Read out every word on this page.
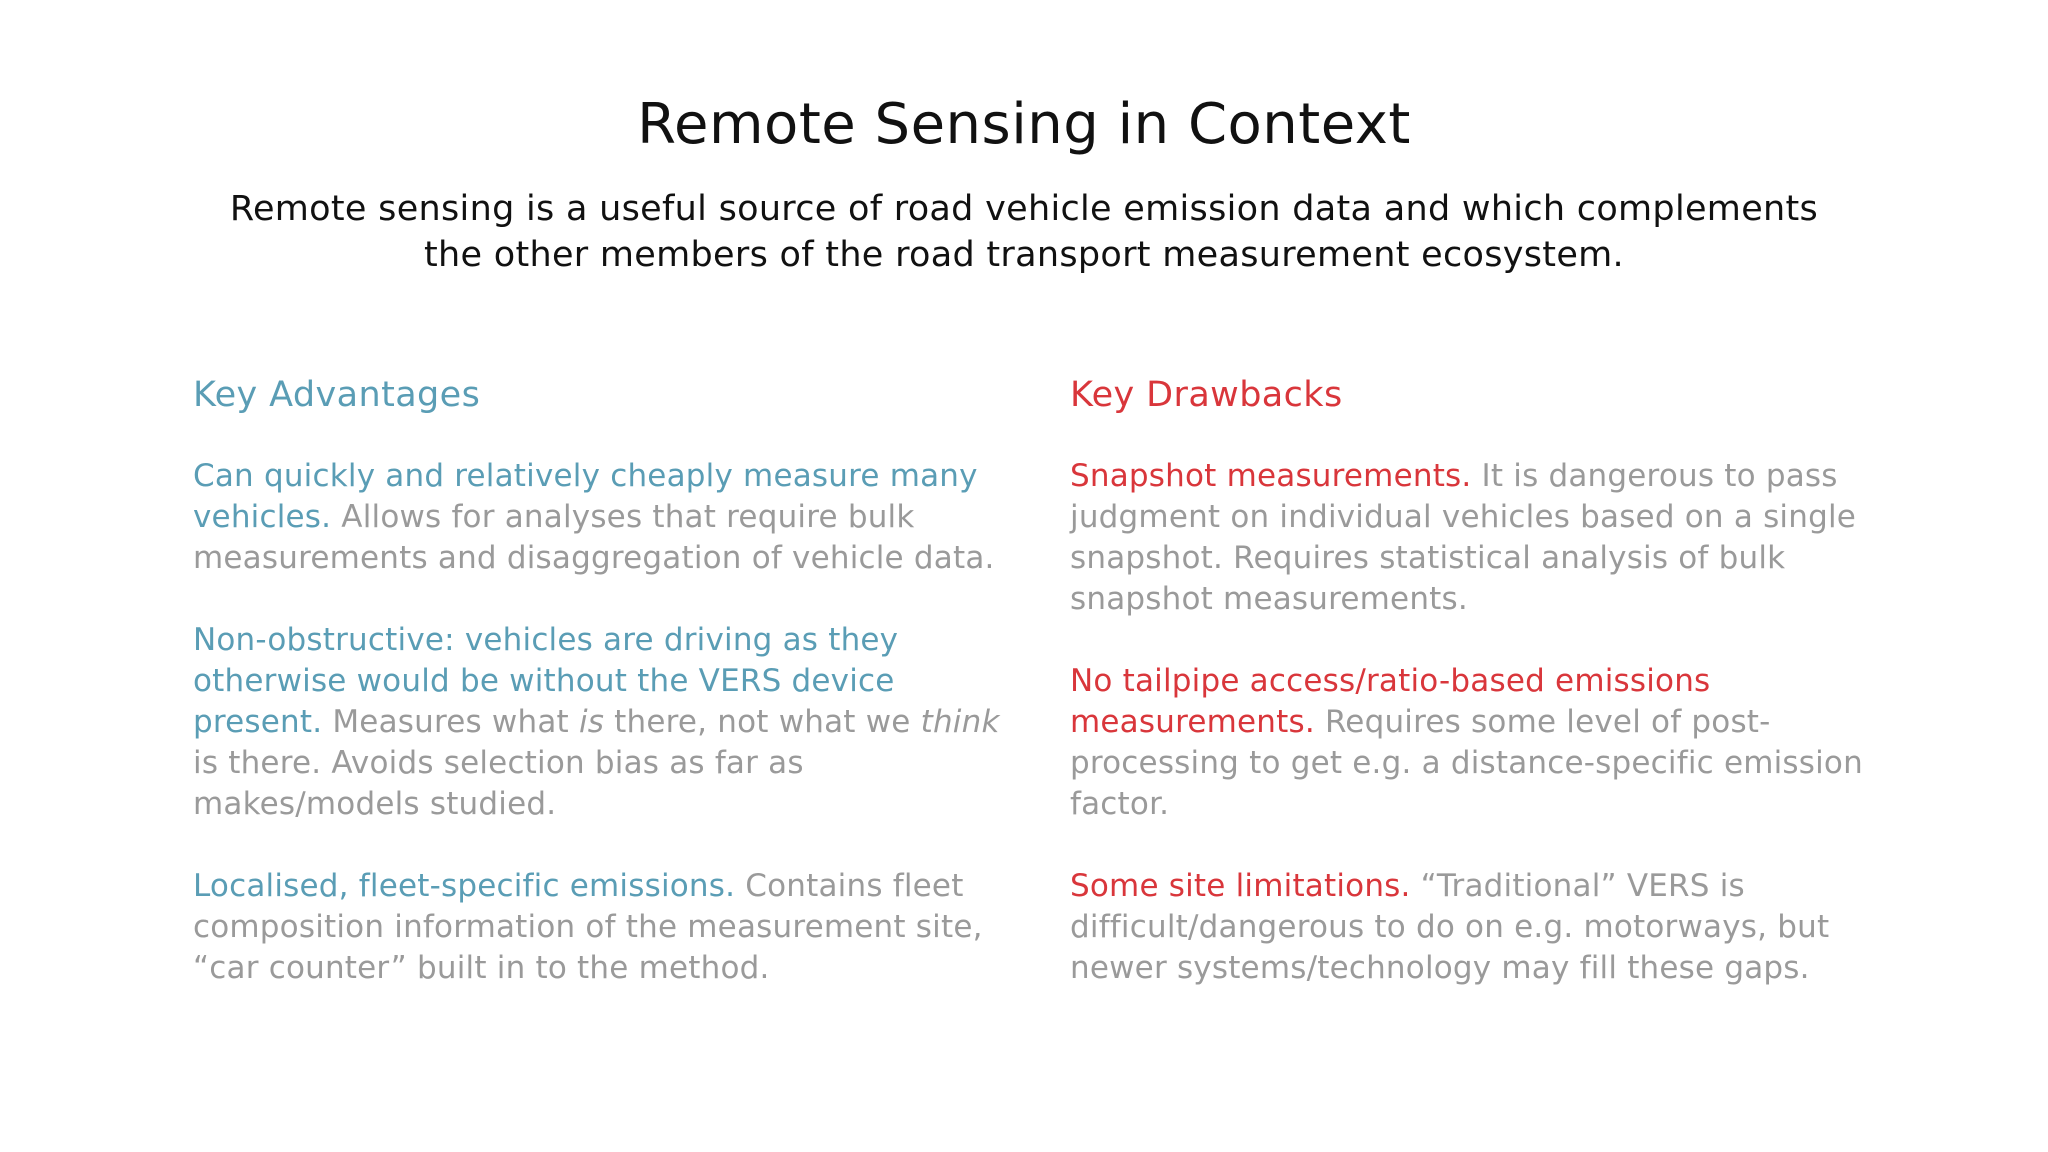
Remote Sensing in Context
Remote sensing is a useful source of road vehicle emission data and which complements the other members of the road transport measurement ecosystem.
Key Advantages
Can quickly and relatively cheaply measure many vehicles. Allows for analyses that require bulk measurements and disaggregation of vehicle data.
Non-obstructive: vehicles are driving as they otherwise would be without the VERS device present. Measures what is there, not what we think is there. Avoids selection bias as far as makes/models studied.
Localised, fleet-specific emissions. Contains fleet composition information of the measurement site, “car counter” built in to the method.
Key Drawbacks
Snapshot measurements. It is dangerous to pass judgment on individual vehicles based on a single snapshot. Requires statistical analysis of bulk snapshot measurements.
No tailpipe access/ratio-based emissions measurements. Requires some level of post-processing to get e.g. a distance-specific emission factor.
Some site limitations. “Traditional” VERS is difficult/dangerous to do on e.g. motorways, but newer systems/technology may fill these gaps.
